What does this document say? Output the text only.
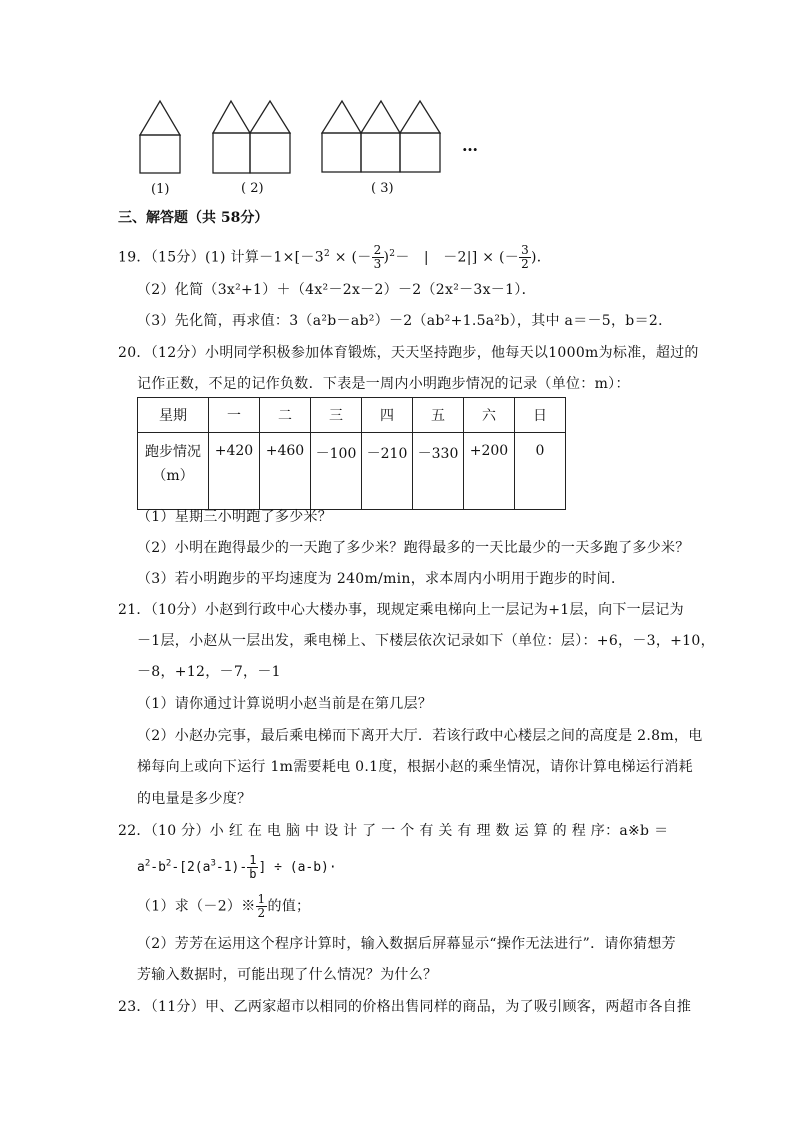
(1)	( 2)	( 3)
…
三、解答题（共 58分）
19．（15分）(1) 计算$-1\times[-3^2$ × (－ $\frac{2}{3} )^2-$　|　－2|] × (－ $\frac{3}{2}$ )．
（2）化简（3x²+1）＋（4x²－2x－2）－2（2x²－3x－1）．
（3）先化简，再求值：3（a²b－ab²）－2（ab²+1.5a²b），其中 a＝－5，b＝2．
20．（12分）小明同学积极参加体育锻炼，天天坚持跑步，他每天以1000m为标准，超过的
记作正数，不足的记作负数．下表是一周内小明跑步情况的记录（单位：m）：
星期	一	二	三	四	五	六	日

跑步情况
（m）	+420	+460	－100	－210	－330	+200	0
（1）星期三小明跑了多少米？
（2）小明在跑得最少的一天跑了多少米？跑得最多的一天比最少的一天多跑了多少米？
（3）若小明跑步的平均速度为 240m/min，求本周内小明用于跑步的时间．
21．（10分）小赵到行政中心大楼办事，现规定乘电梯向上一层记为+1层，向下一层记为
－1层，小赵从一层出发，乘电梯上、下楼层依次记录如下（单位：层）：+6，－3，+10，
－8，+12，－7，－1
（1）请你通过计算说明小赵当前是在第几层？
（2）小赵办完事，最后乘电梯而下离开大厅．若该行政中心楼层之间的高度是 2.8m，电
梯每向上或向下运行 1m需要耗电 0.1度，根据小赵的乘坐情况，请你计算电梯运行消耗
的电量是多少度？
22．（10 分）小 红 在 电 脑 中 设 计 了 一 个 有 关 有 理 数 运 算 的 程 序：a※b ＝
$a^2-b^2-[2(a^3-1)- \frac{1}{b}$ ] ÷ (a-b)·
（1）求（－2）※ $\frac{1}{2}$ 的值；
（2）芳芳在运用这个程序计算时，输入数据后屏幕显示“操作无法进行”．请你猜想芳
芳输入数据时，可能出现了什么情况？为什么？
23．（11分）甲、乙两家超市以相同的价格出售同样的商品，为了吸引顾客，两超市各自推
